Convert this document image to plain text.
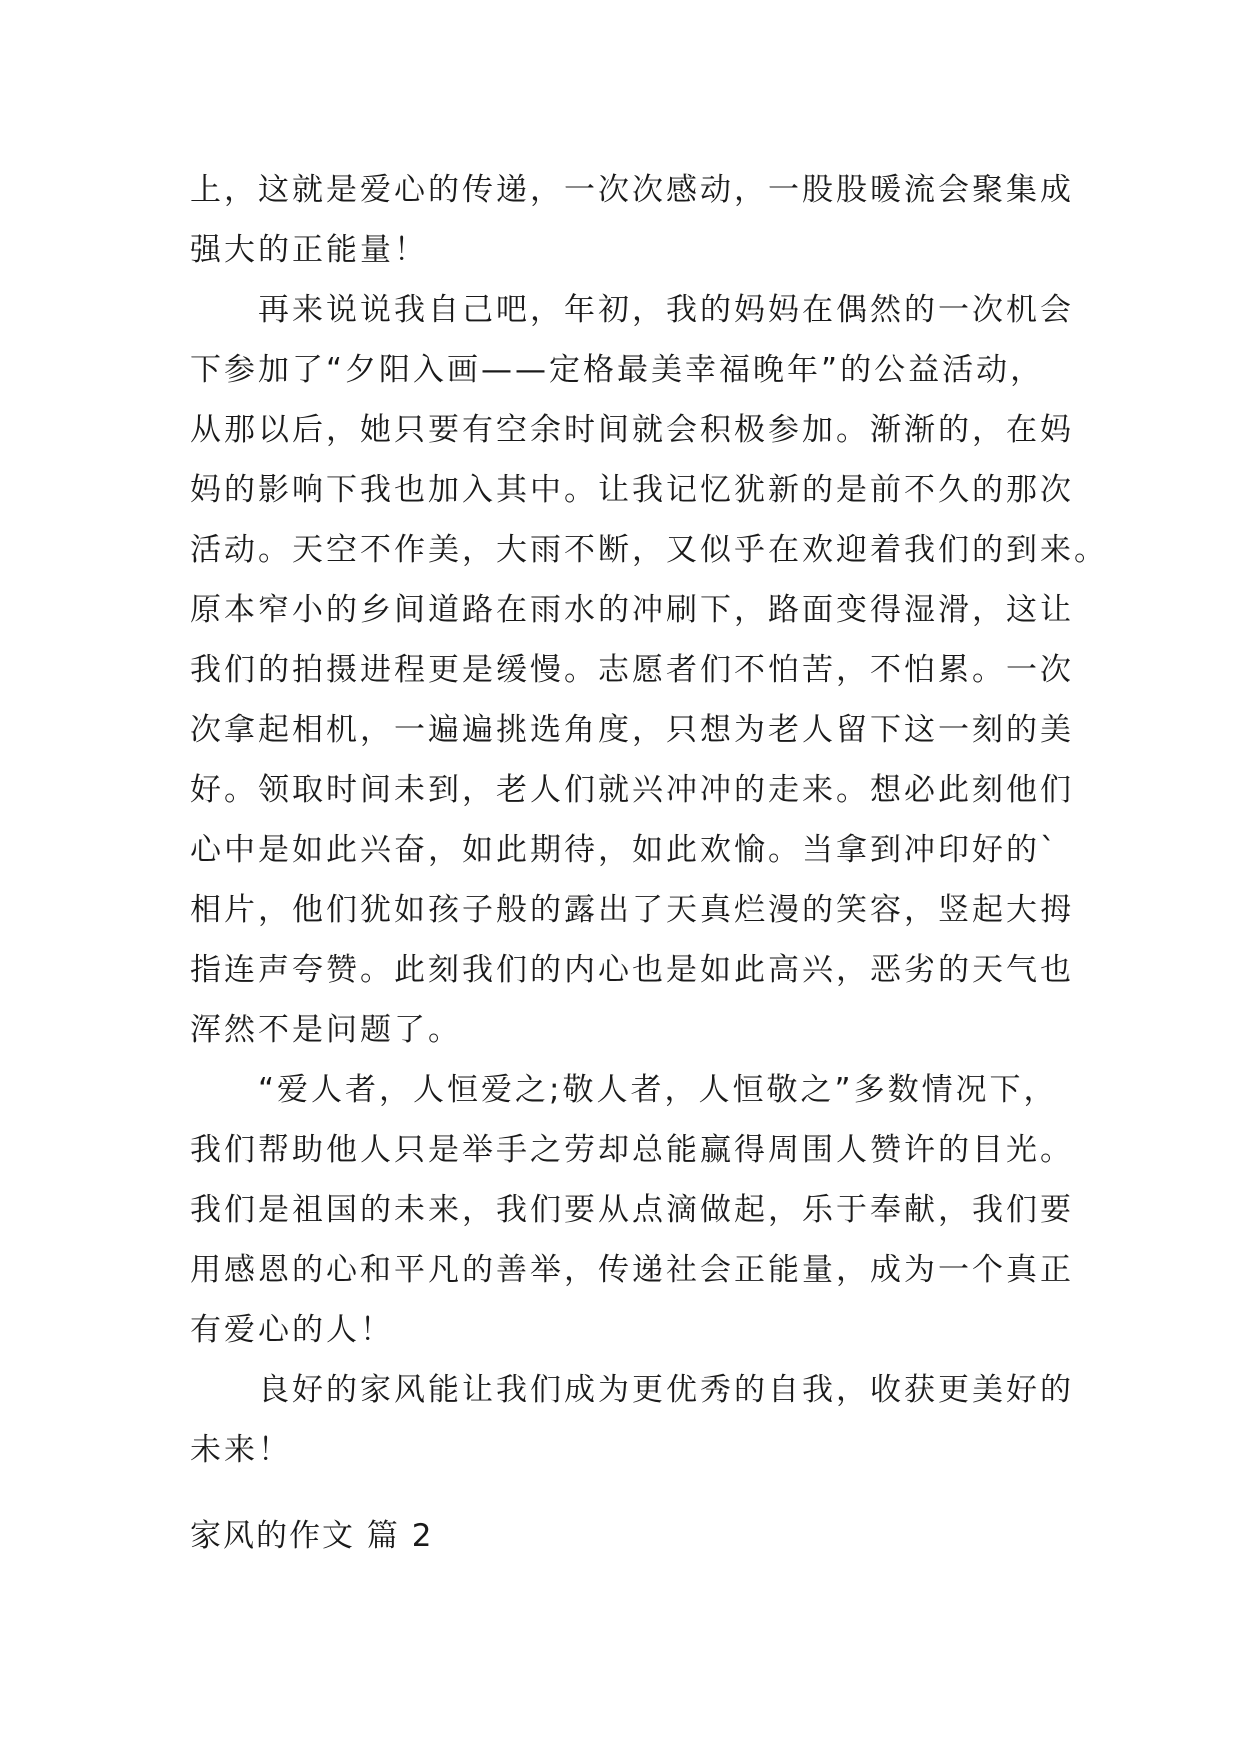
上，这就是爱心的传递，一次次感动，一股股暖流会聚集成
强大的正能量！
再来说说我自己吧，年初，我的妈妈在偶然的一次机会
下参加了“夕阳入画——定格最美幸福晚年”的公益活动，
从那以后，她只要有空余时间就会积极参加。渐渐的，在妈
妈的影响下我也加入其中。让我记忆犹新的是前不久的那次
活动。天空不作美，大雨不断，又似乎在欢迎着我们的到来。
原本窄小的乡间道路在雨水的冲刷下，路面变得湿滑，这让
我们的拍摄进程更是缓慢。志愿者们不怕苦，不怕累。一次
次拿起相机，一遍遍挑选角度，只想为老人留下这一刻的美
好。领取时间未到，老人们就兴冲冲的走来。想必此刻他们
心中是如此兴奋，如此期待，如此欢愉。当拿到冲印好的`
相片，他们犹如孩子般的露出了天真烂漫的笑容，竖起大拇
指连声夸赞。此刻我们的内心也是如此高兴，恶劣的天气也
浑然不是问题了。
“爱人者，人恒爱之;敬人者，人恒敬之”多数情况下，
我们帮助他人只是举手之劳却总能赢得周围人赞许的目光。
我们是祖国的未来，我们要从点滴做起，乐于奉献，我们要
用感恩的心和平凡的善举，传递社会正能量，成为一个真正
有爱心的人！
良好的家风能让我们成为更优秀的自我，收获更美好的
未来！
家风的作文 篇 2
